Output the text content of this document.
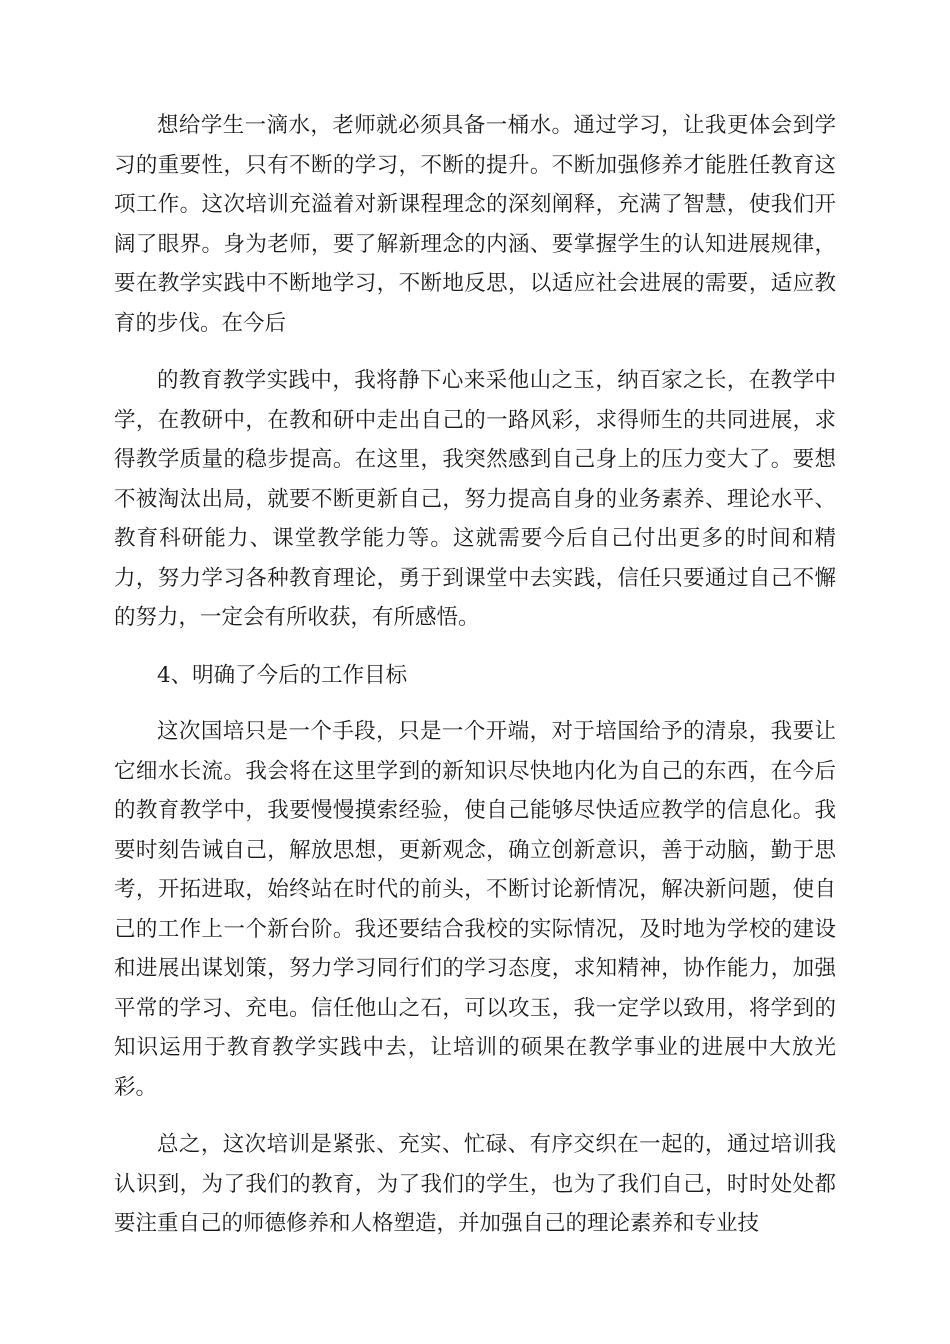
想给学生一滴水，老师就必须具备一桶水。通过学习，让我更体会到学习的重要性，只有不断的学习，不断的提升。不断加强修养才能胜任教育这项工作。这次培训充溢着对新课程理念的深刻阐释，充满了智慧，使我们开阔了眼界。身为老师，要了解新理念的内涵、要掌握学生的认知进展规律，要在教学实践中不断地学习，不断地反思，以适应社会进展的需要，适应教育的步伐。在今后

的教育教学实践中，我将静下心来采他山之玉，纳百家之长，在教学中学，在教研中，在教和研中走出自己的一路风彩，求得师生的共同进展，求得教学质量的稳步提高。在这里，我突然感到自己身上的压力变大了。要想不被淘汰出局，就要不断更新自己，努力提高自身的业务素养、理论水平、教育科研能力、课堂教学能力等。这就需要今后自己付出更多的时间和精力，努力学习各种教育理论，勇于到课堂中去实践，信任只要通过自己不懈的努力，一定会有所收获，有所感悟。

4、明确了今后的工作目标

这次国培只是一个手段，只是一个开端，对于培国给予的清泉，我要让它细水长流。我会将在这里学到的新知识尽快地内化为自己的东西，在今后的教育教学中，我要慢慢摸索经验，使自己能够尽快适应教学的信息化。我要时刻告诫自己，解放思想，更新观念，确立创新意识，善于动脑，勤于思考，开拓进取，始终站在时代的前头，不断讨论新情况，解决新问题，使自己的工作上一个新台阶。我还要结合我校的实际情况，及时地为学校的建设和进展出谋划策，努力学习同行们的学习态度，求知精神，协作能力，加强平常的学习、充电。信任他山之石，可以攻玉，我一定学以致用，将学到的知识运用于教育教学实践中去，让培训的硕果在教学事业的进展中大放光彩。

总之，这次培训是紧张、充实、忙碌、有序交织在一起的，通过培训我认识到，为了我们的教育，为了我们的学生，也为了我们自己，时时处处都要注重自己的师德修养和人格塑造，并加强自己的理论素养和专业技
